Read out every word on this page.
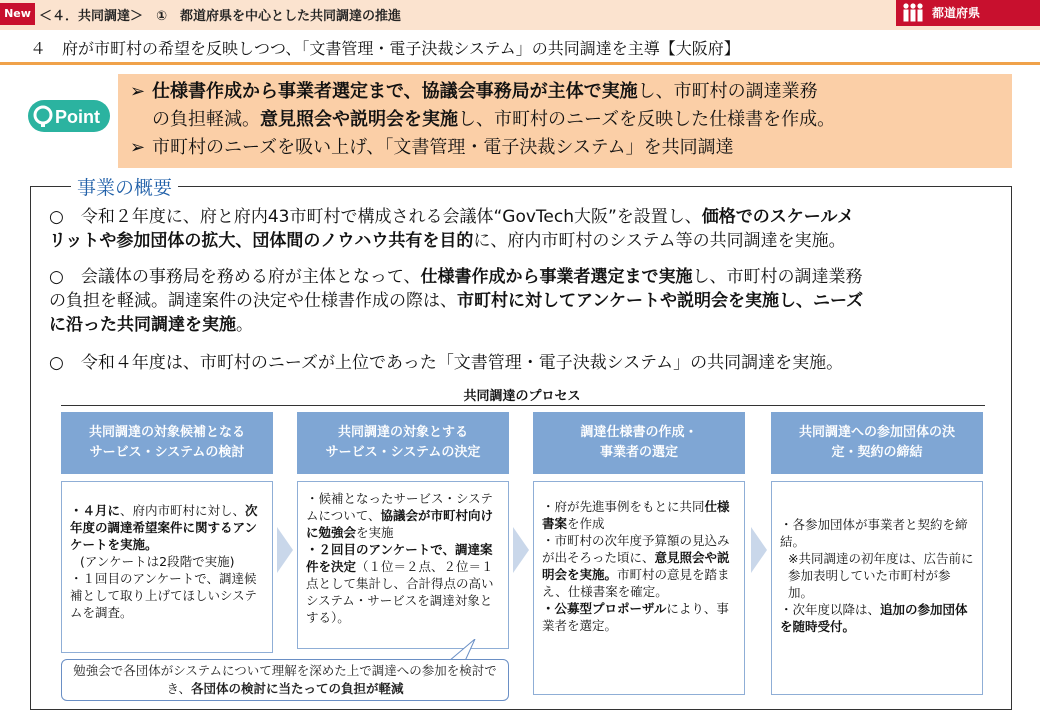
New ＜４．共同調達＞　①　都道府県を中心とした共同調達の推進	都道府県
４　府が市町村の希望を反映しつつ、「文書管理・電子決裁システム」の共同調達を主導【大阪府】
Point
➢ 仕様書作成から事業者選定まで、協議会事務局が主体で実施し、市町村の調達業務
の負担軽減。意見照会や説明会を実施し、市町村のニーズを反映した仕様書を作成。
➢ 市町村のニーズを吸い上げ、「文書管理・電子決裁システム」を共同調達
事業の概要
○　令和２年度に、府と府内43市町村で構成される会議体“GovTech大阪”を設置し、価格でのスケールメ
リットや参加団体の拡大、団体間のノウハウ共有を目的に、府内市町村のシステム等の共同調達を実施。
○　会議体の事務局を務める府が主体となって、仕様書作成から事業者選定まで実施し、市町村の調達業務
の負担を軽減。調達案件の決定や仕様書作成の際は、市町村に対してアンケートや説明会を実施し、ニーズ
に沿った共同調達を実施。
○　令和４年度は、市町村のニーズが上位であった「文書管理・電子決裁システム」の共同調達を実施。
共同調達のプロセス
共同調達の対象候補となる
サービス・システムの検討
共同調達の対象とする
サービス・システムの決定
調達仕様書の作成・
事業者の選定
共同調達への参加団体の決
定・契約の締結
・４月に、府内市町村に対し、次年度の調達希望案件に関するアンケートを実施。
(アンケートは2段階で実施)
・１回目のアンケートで、調達候補として取り上げてほしいシステムを調査。
・候補となったサービス・システムについて、協議会が市町村向けに勉強会を実施
・２回目のアンケートで、調達案件を決定（１位＝２点、２位＝１点として集計し、合計得点の高いシステム・サービスを調達対象とする）。
・府が先進事例をもとに共同仕様書案を作成
・市町村の次年度予算額の見込みが出そろった頃に、意見照会や説明会を実施。市町村の意見を踏まえ、仕様書案を確定。
・公募型プロポーザルにより、事業者を選定。
・各参加団体が事業者と契約を締結。
※共同調達の初年度は、広告前に参加表明していた市町村が参加。
・次年度以降は、追加の参加団体を随時受付。
勉強会で各団体がシステムについて理解を深めた上で調達への参加を検討でき、各団体の検討に当たっての負担が軽減
